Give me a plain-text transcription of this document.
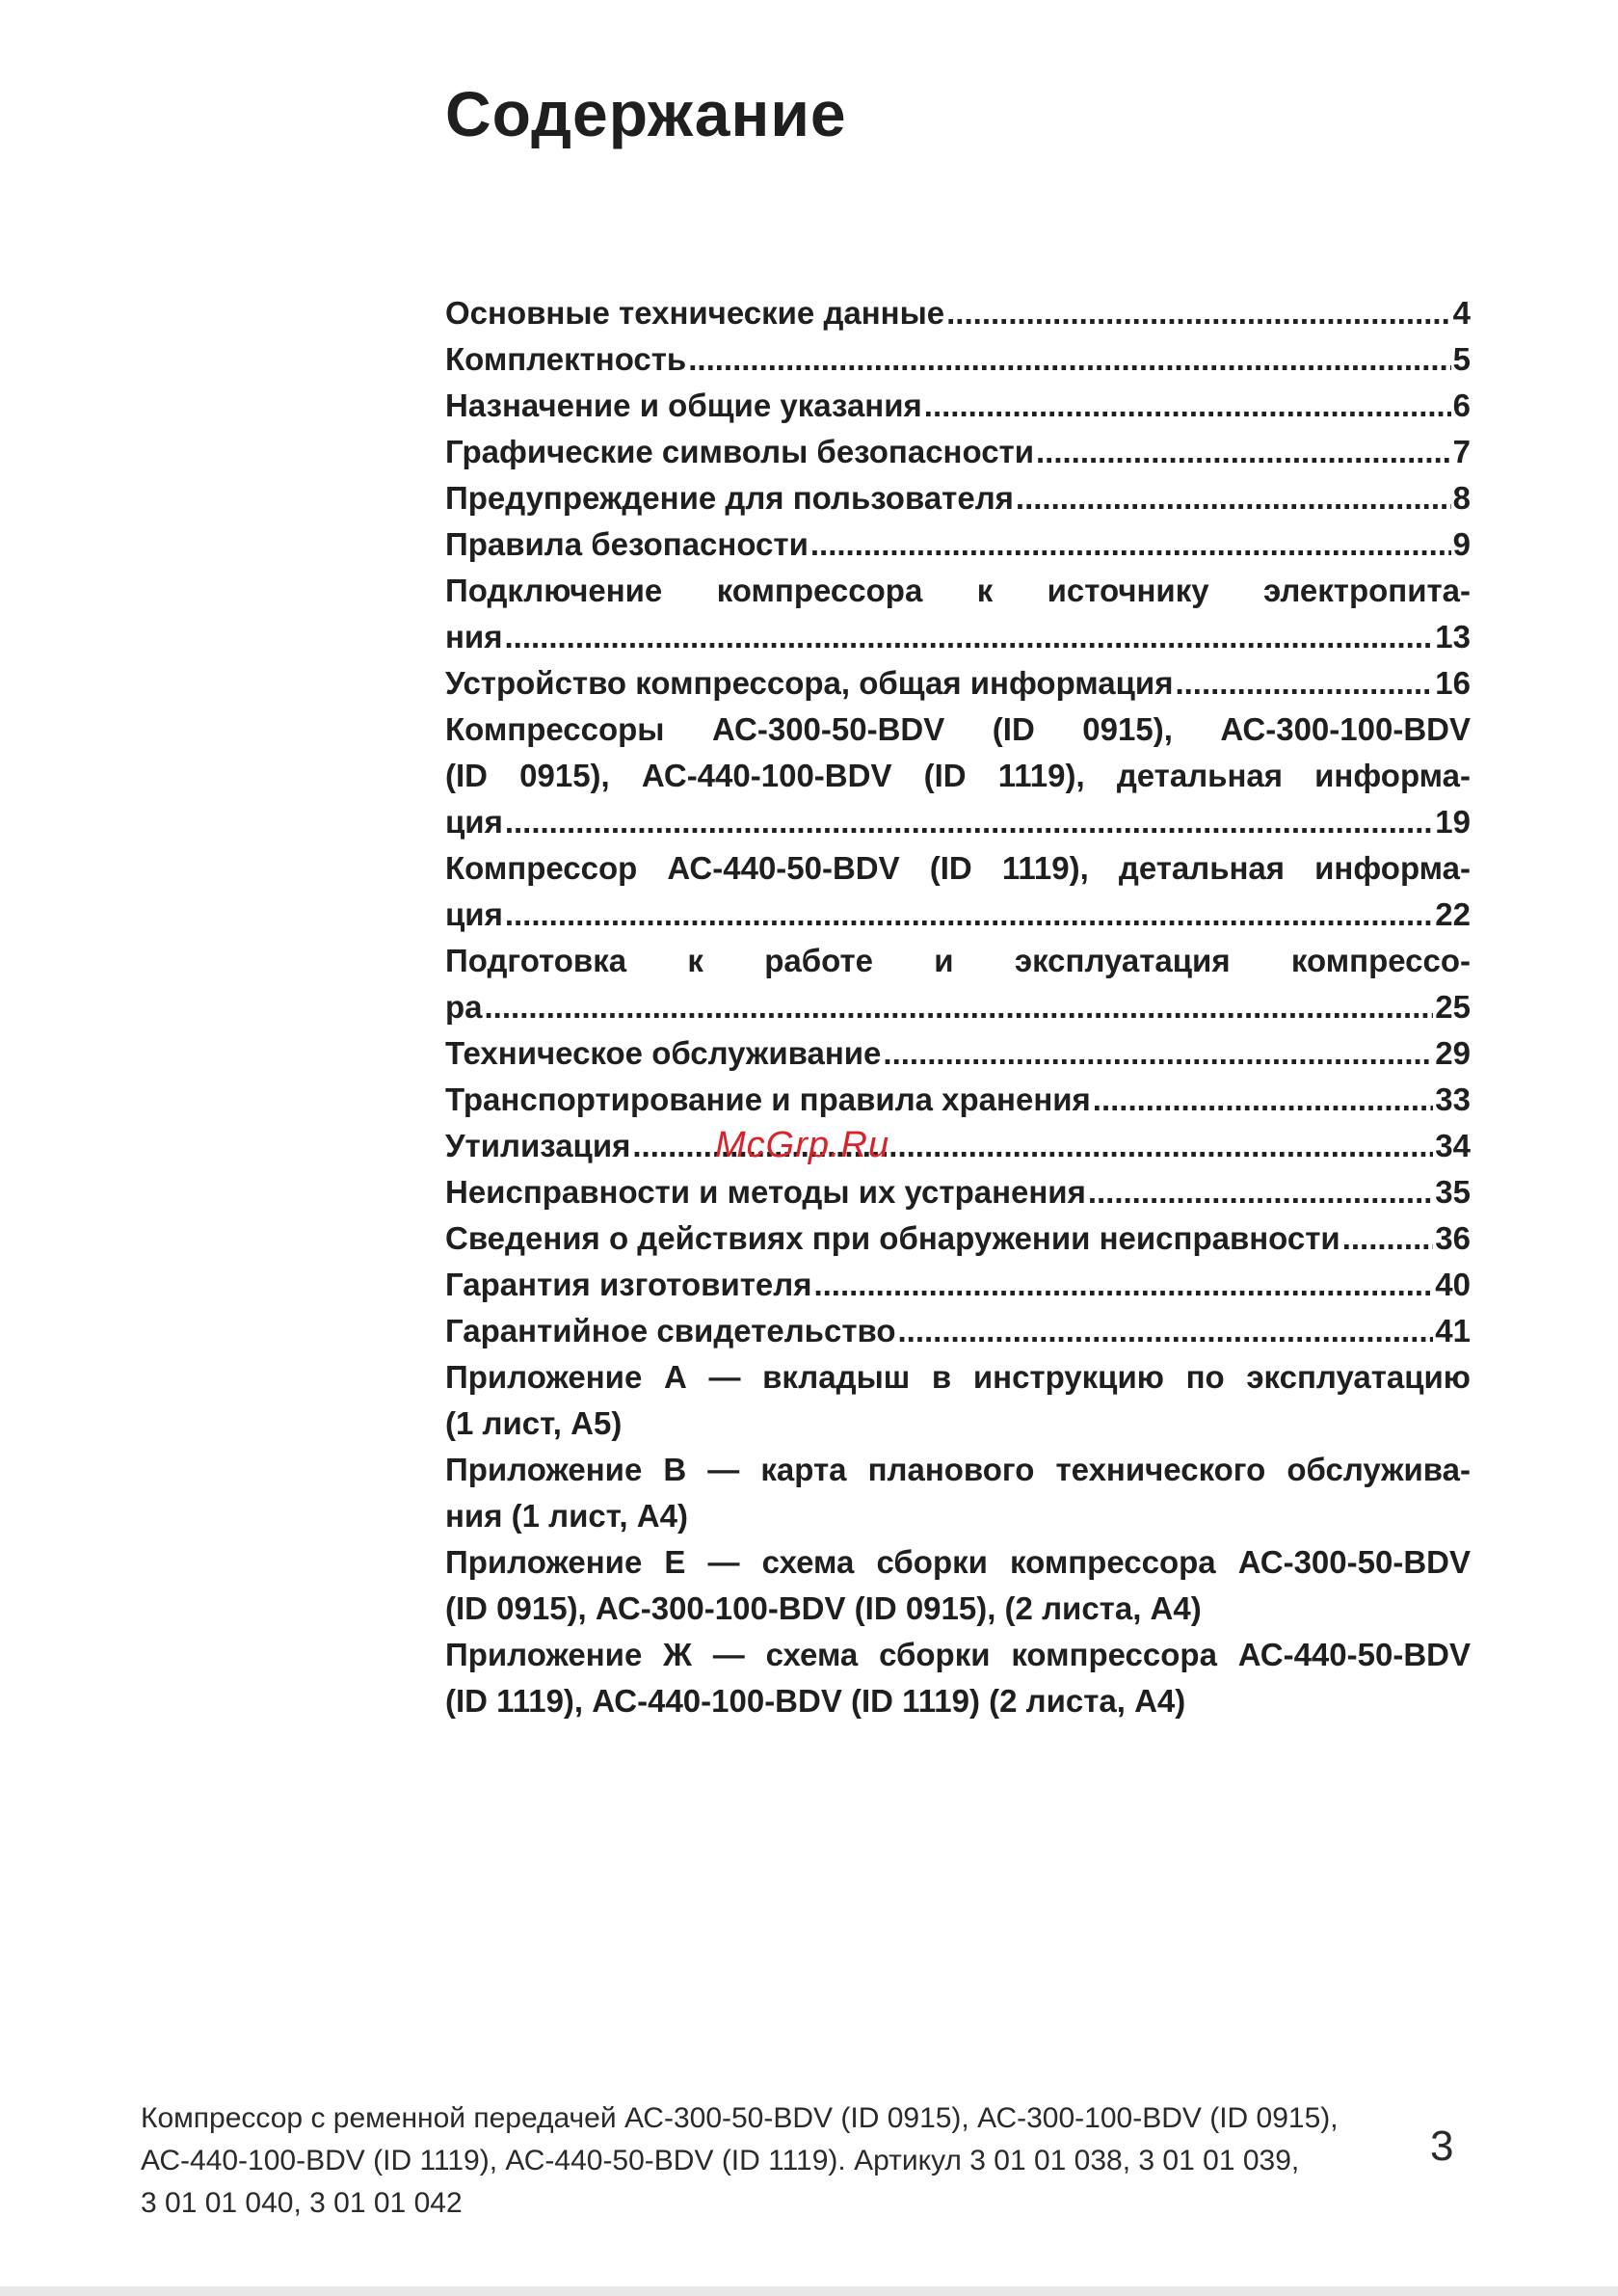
Содержание
Основные технические данные .....	4
Комплектность .....	5
Назначение и общие указания .....	6
Графические символы безопасности .....	7
Предупреждение для пользователя .....	8
Правила безопасности .....	9
Подключение компрессора к источнику электропита-
ния .....	13
Устройство компрессора, общая информация .....	16
Компрессоры АС-300-50-BDV (ID 0915), АС-300-100-BDV
(ID 0915), АС-440-100-BDV (ID 1119), детальная информа-
ция .....	19
Компрессор АС-440-50-BDV (ID 1119), детальная информа-
ция .....	22
Подготовка к работе и эксплуатация компрессо-
ра .....	25
Техническое обслуживание .....	29
Транспортирование и правила хранения .....	33
Утилизация .....	34
Неисправности и методы их устранения .....	35
Сведения о действиях при обнаружении неисправности .....	36
Гарантия изготовителя .....	40
Гарантийное свидетельство .....	41
Приложение А — вкладыш в инструкцию по эксплуатацию
(1 лист, А5)
Приложение В — карта планового технического обслужива-
ния (1 лист, А4)
Приложение Е — схема сборки компрессора АС-300-50-BDV
(ID 0915), АС-300-100-BDV (ID 0915), (2 листа, А4)
Приложение Ж — схема сборки компрессора АС-440-50-BDV
(ID 1119), АС-440-100-BDV (ID 1119) (2 листа, А4)
McGrp.Ru
Компрессор с ременной передачей АС-300-50-BDV (ID 0915), АС-300-100-BDV (ID 0915),
АС-440-100-BDV (ID 1119), АС-440-50-BDV (ID 1119). Артикул 3 01 01 038, 3 01 01 039,
3 01 01 040, 3 01 01 042
3
